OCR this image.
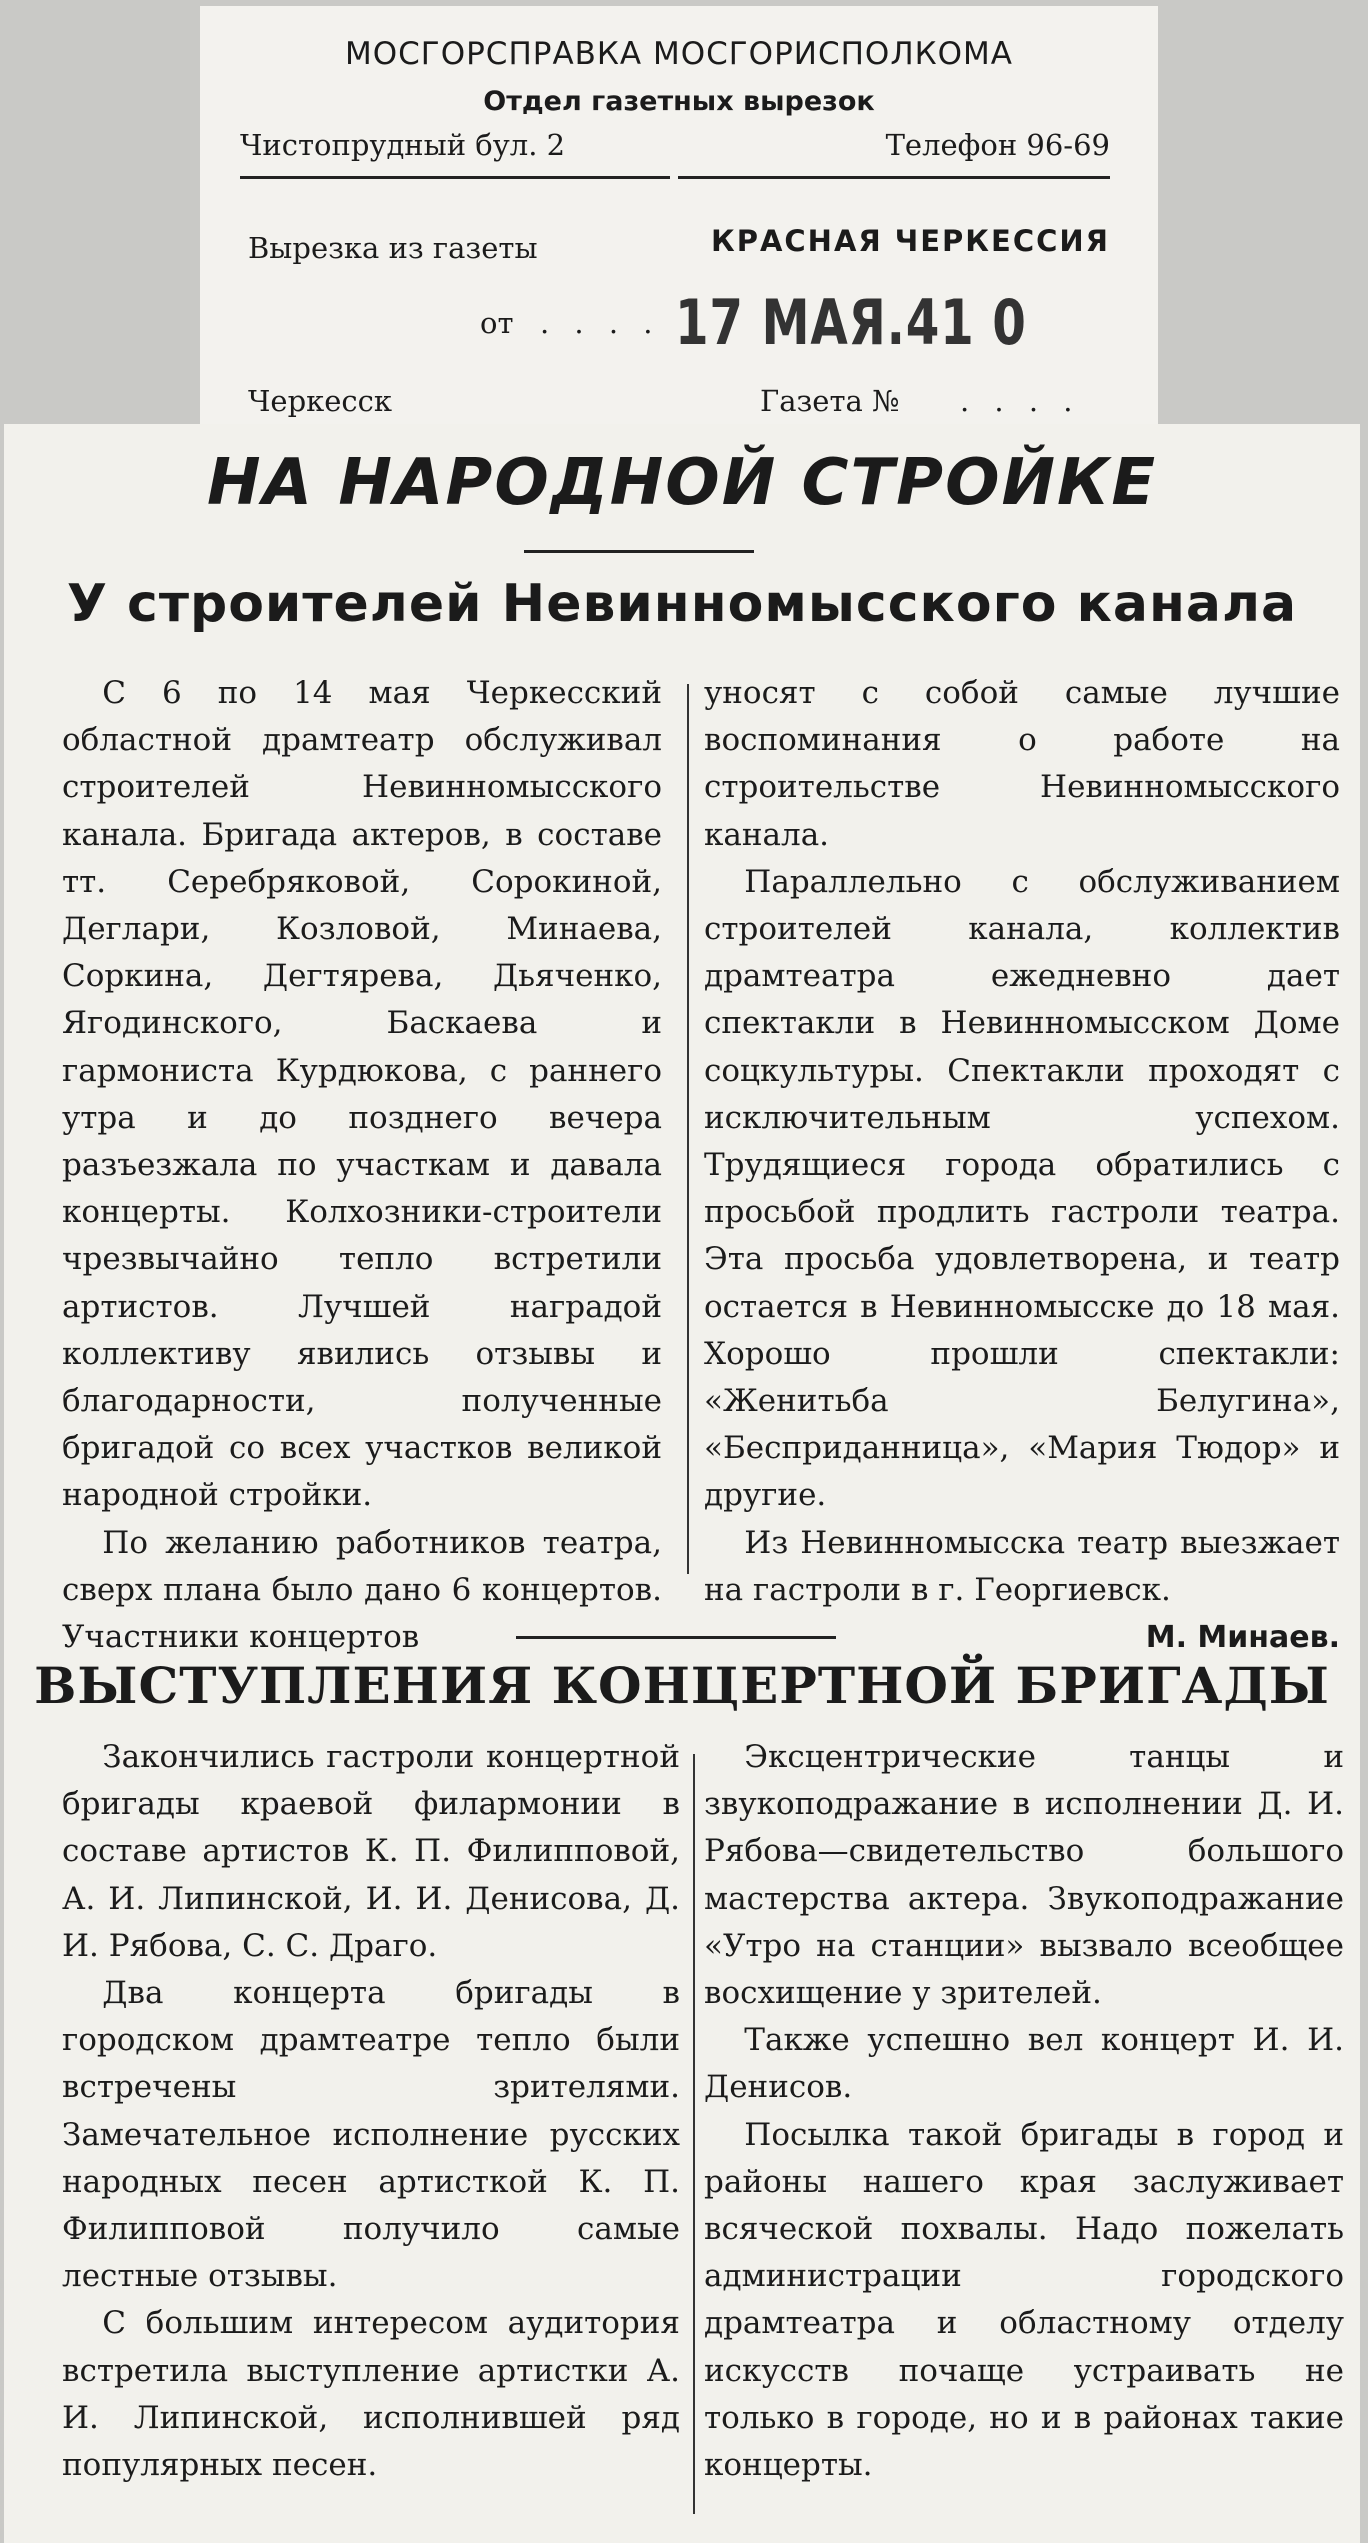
МОСГОРСПРАВКА МОСГОРИСПОЛКОМА
Отдел газетных вырезок
Чистопрудный бул. 2	Телефон 96-69
Вырезка из газеты	КРАСНАЯ ЧЕРКЕССИЯ
от . . . . 17 МАЯ.41 0
Черкесск	Газета № . . . .
НА НАРОДНОЙ СТРОЙКЕ
У строителей Невинномысского канала

С 6 по 14 мая Черкесский областной драмтеатр обслуживал строителей Невинномысского канала. Бригада актеров, в составе тт. Серебряковой, Сорокиной, Деглари, Козловой, Минаева, Соркина, Дегтярева, Дьяченко, Ягодинского, Баскаева и гармониста Курдюкова, с раннего утра и до позднего вечера разъезжала по участкам и давала концерты. Колхозники-строители чрезвычайно тепло встретили артистов. Лучшей наградой коллективу явились отзывы и благодарности, полученные бригадой со всех участков великой народной стройки.

По желанию работников театра, сверх плана было дано 6 концертов. Участники концертов

уносят с собой самые лучшие воспоминания о работе на строительстве Невинномысского канала.

Параллельно с обслуживанием строителей канала, коллектив драмтеатра ежедневно дает спектакли в Невинномысском Доме соцкультуры. Спектакли проходят с исключительным успехом. Трудящиеся города обратились с просьбой продлить гастроли театра. Эта просьба удовлетворена, и театр остается в Невинномысске до 18 мая. Хорошо прошли спектакли: «Женитьба Белугина», «Бесприданница», «Мария Тюдор» и другие.

Из Невинномысска театр выезжает на гастроли в г. Георгиевск.

М. Минаев.

ВЫСТУПЛЕНИЯ КОНЦЕРТНОЙ БРИГАДЫ

Закончились гастроли концертной бригады краевой филармонии в составе артистов К. П. Филипповой, А. И. Липинской, И. И. Денисова, Д. И. Рябова, С. С. Драго.

Два концерта бригады в городском драмтеатре тепло были встречены зрителями. Замечательное исполнение русских народных песен артисткой К. П. Филипповой получило самые лестные отзывы.

С большим интересом аудитория встретила выступление артистки А. И. Липинской, исполнившей ряд популярных песен.

Эксцентрические танцы и звукоподражание в исполнении Д. И. Рябова—свидетельство большого мастерства актера. Звукоподражание «Утро на станции» вызвало всеобщее восхищение у зрителей.

Также успешно вел концерт И. И. Денисов.

Посылка такой бригады в город и районы нашего края заслуживает всяческой похвалы. Надо пожелать администрации городского драмтеатра и областному отделу искусств почаще устраивать не только в городе, но и в районах такие концерты.
